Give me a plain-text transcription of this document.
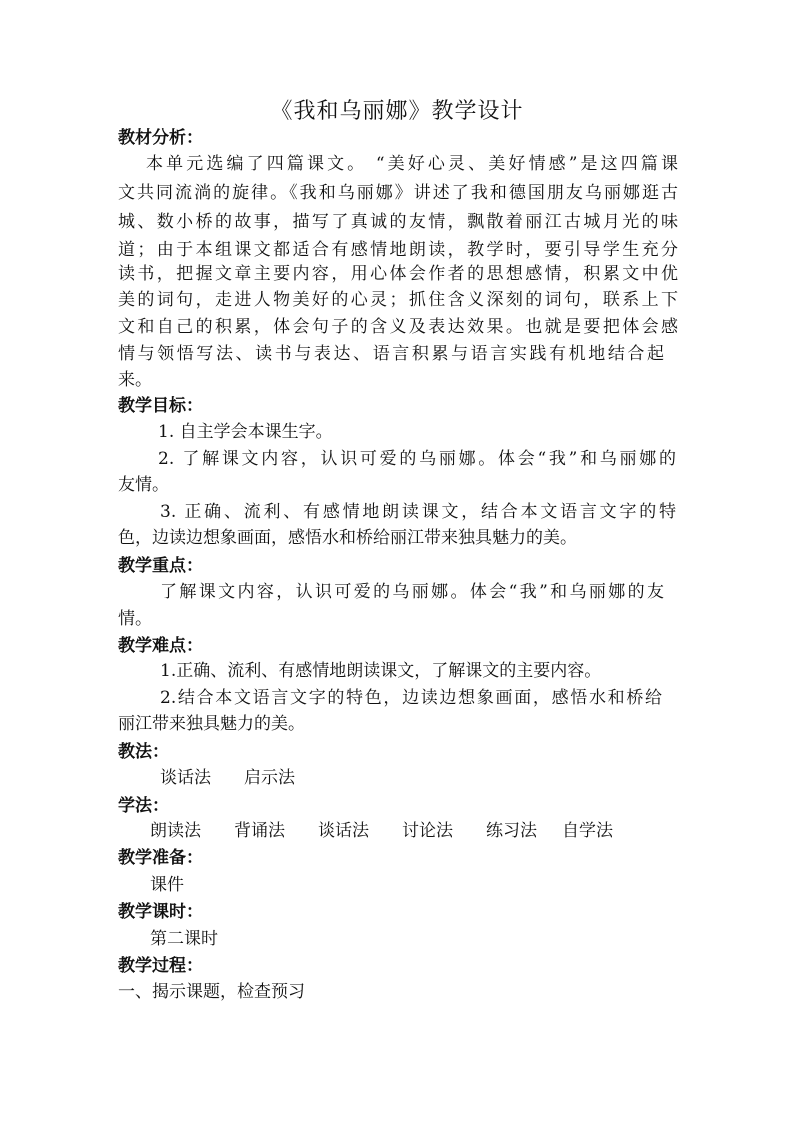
《我和乌丽娜》教学设计
教材分析：
本单元选编了四篇课文。 “美好心灵、美好情感”是这四篇课
文共同流淌的旋律。《我和乌丽娜》讲述了我和德国朋友乌丽娜逛古
城、数小桥的故事，描写了真诚的友情，飘散着丽江古城月光的味
道；由于本组课文都适合有感情地朗读，教学时，要引导学生充分
读书，把握文章主要内容，用心体会作者的思想感情，积累文中优
美的词句，走进人物美好的心灵；抓住含义深刻的词句，联系上下
文和自己的积累，体会句子的含义及表达效果。也就是要把体会感
情与领悟写法、读书与表达、语言积累与语言实践有机地结合起
来。
教学目标：
1. 自主学会本课生字。
2. 了解课文内容，认识可爱的乌丽娜。体会“我”和乌丽娜的
友情。
3. 正确、流利、有感情地朗读课文，结合本文语言文字的特
色，边读边想象画面，感悟水和桥给丽江带来独具魅力的美。
教学重点：
了解课文内容，认识可爱的乌丽娜。体会“我”和乌丽娜的友
情。
教学难点：
1.正确、流利、有感情地朗读课文，了解课文的主要内容。
2.结合本文语言文字的特色，边读边想象画面，感悟水和桥给
丽江带来独具魅力的美。
教法：
谈话法 启示法
学法：
朗读法 背诵法 谈话法 讨论法 练习法 自学法
教学准备：
课件
教学课时：
第二课时
教学过程：
一、揭示课题，检查预习
